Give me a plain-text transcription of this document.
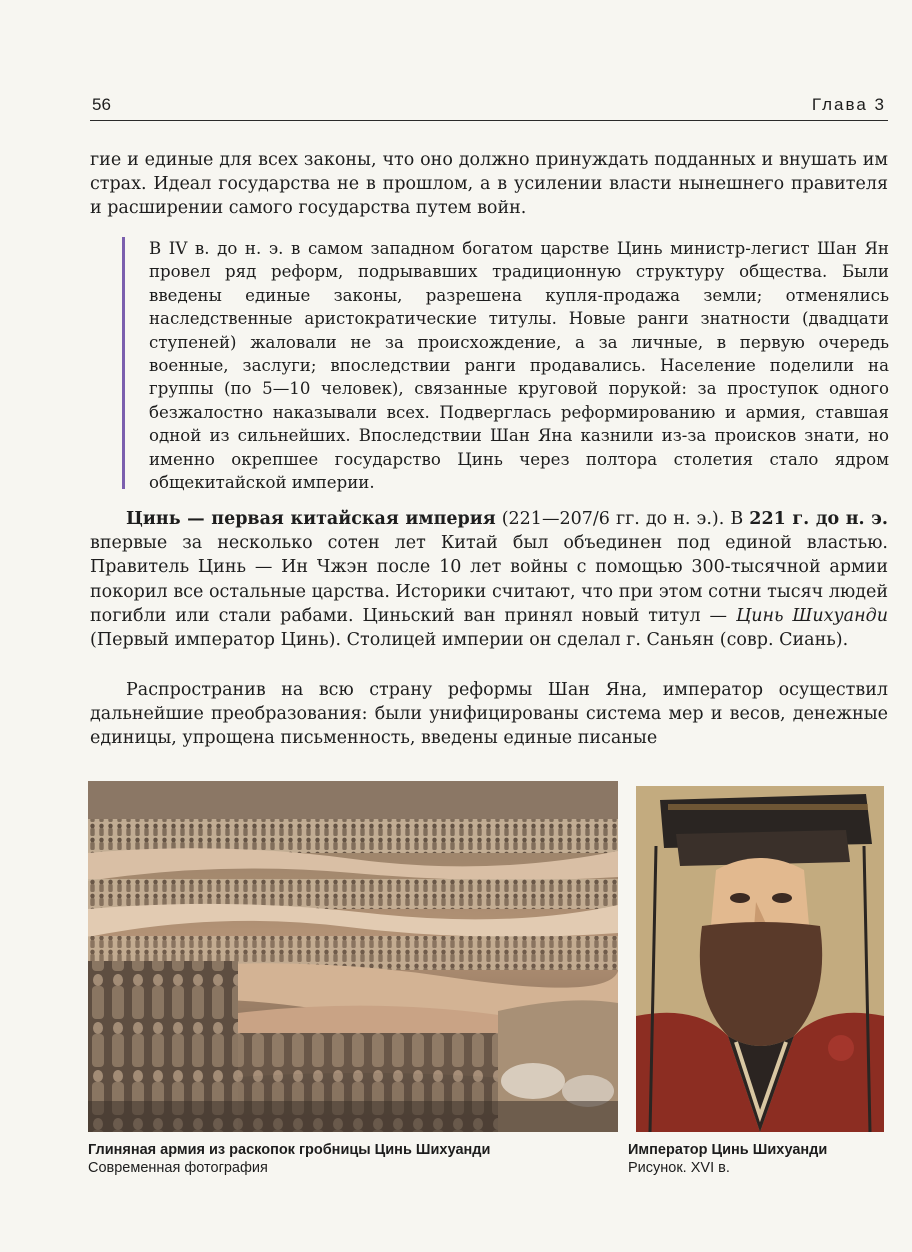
56	Глава 3

гие и единые для всех законы, что оно должно принуждать подданных и внушать им страх. Идеал государства не в прошлом, а в усилении власти нынешнего правителя и расширении самого государства путем войн.

В IV в. до н. э. в самом западном богатом царстве Цинь министр-легист Шан Ян провел ряд реформ, подрывавших традиционную структуру общества. Были введены единые законы, разрешена купля-продажа земли; отменялись наследственные аристократические титулы. Новые ранги знатности (двадцати ступеней) жаловали не за происхождение, а за личные, в первую очередь военные, заслуги; впоследствии ранги продавались. Население поделили на группы (по 5—10 человек), связанные круговой порукой: за проступок одного безжалостно наказывали всех. Подверглась реформированию и армия, ставшая одной из сильнейших. Впоследствии Шан Яна казнили из-за происков знати, но именно окрепшее государство Цинь через полтора столетия стало ядром общекитайской империи.

Цинь — первая китайская империя (221—207/6 гг. до н. э.). В 221 г. до н. э. впервые за несколько сотен лет Китай был объединен под единой властью. Правитель Цинь — Ин Чжэн после 10 лет войны с помощью 300-тысячной армии покорил все остальные царства. Историки считают, что при этом сотни тысяч людей погибли или стали рабами. Циньский ван принял новый титул — Цинь Шихуанди (Первый император Цинь). Столицей империи он сделал г. Саньян (совр. Сиань).

Распространив на всю страну реформы Шан Яна, император осуществил дальнейшие преобразования: были унифицированы система мер и весов, денежные единицы, упрощена письменность, введены единые писаные

Глиняная армия из раскопок гробницы Цинь Шихуанди
Современная фотография
Император Цинь Шихуанди
Рисунок. XVI в.
